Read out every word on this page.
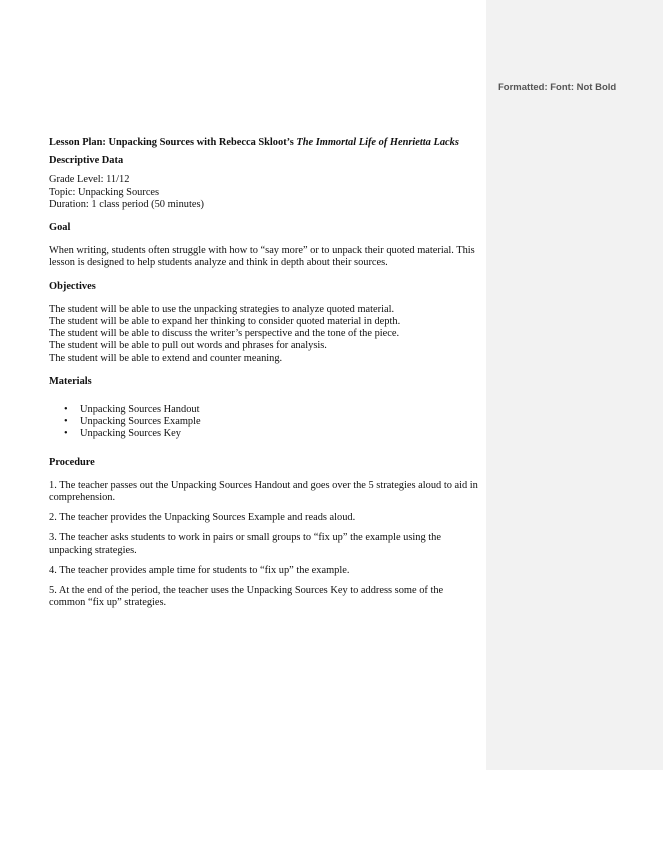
Formatted: Font: Not Bold

Lesson Plan: Unpacking Sources with Rebecca Skloot’s The Immortal Life of Henrietta Lacks

Descriptive Data

Grade Level: 11/12

Topic: Unpacking Sources

Duration: 1 class period (50 minutes)

Goal

When writing, students often struggle with how to “say more” or to unpack their quoted material. This

lesson is designed to help students analyze and think in depth about their sources.

Objectives

The student will be able to use the unpacking strategies to analyze quoted material.

The student will be able to expand her thinking to consider quoted material in depth.

The student will be able to discuss the writer’s perspective and the tone of the piece.

The student will be able to pull out words and phrases for analysis.

The student will be able to extend and counter meaning.

Materials
• Unpacking Sources Handout
• Unpacking Sources Example
• Unpacking Sources Key
Procedure

1. The teacher passes out the Unpacking Sources Handout and goes over the 5 strategies aloud to aid in

comprehension.

2. The teacher provides the Unpacking Sources Example and reads aloud.

3. The teacher asks students to work in pairs or small groups to “fix up” the example using the

unpacking strategies.

4. The teacher provides ample time for students to “fix up” the example.

5. At the end of the period, the teacher uses the Unpacking Sources Key to address some of the

common “fix up” strategies.
